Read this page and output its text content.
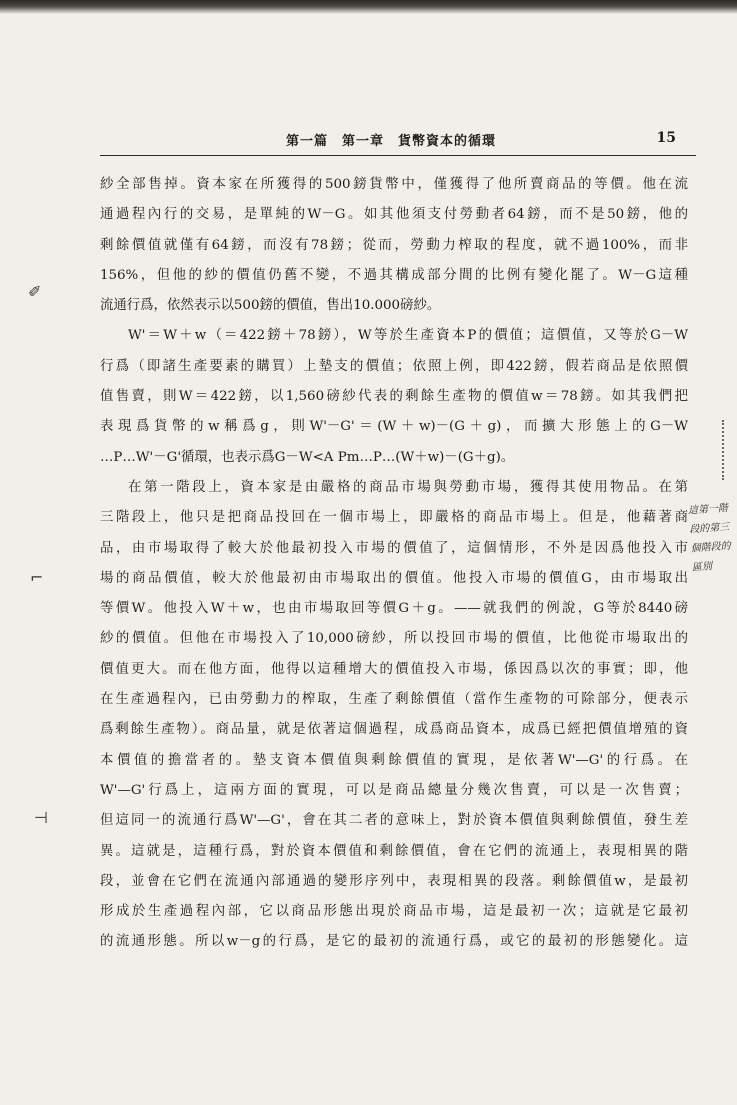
第一篇　第一章　貨幣資本的循環	15
紗全部售掉。資本家在所獲得的500鎊貨幣中，僅獲得了他所賣商品的等價。他在流
通過程內行的交易，是單純的W－G。如其他須支付勞動者64鎊，而不是50鎊，他的
剩餘價值就僅有64鎊，而沒有78鎊；從而，勞動力榨取的程度，就不過100%，而非
156%，但他的紗的價值仍舊不變，不過其構成部分間的比例有變化罷了。W－G這種
流通行爲，依然表示以500鎊的價值，售出10.000磅紗。
W'＝W＋w（＝422鎊＋78鎊），W等於生產資本P的價值；這價值，又等於G－W
行爲（即諸生產要素的購買）上墊支的價值；依照上例，即422鎊，假若商品是依照價
值售賣，則W＝422鎊，以1,560磅紗代表的剩餘生產物的價值w＝78鎊。如其我們把
表現爲貨幣的w稱爲g，則W'－G'＝(W＋w)－(G＋g)，而擴大形態上的G－W
…P…W'－G'循環，也表示爲G－W<A Pm…P…(W＋w)－(G＋g)。
在第一階段上，資本家是由嚴格的商品市場與勞動市場，獲得其使用物品。在第
三階段上，他只是把商品投回在一個市場上，即嚴格的商品市場上。但是，他藉著商
品，由市場取得了較大於他最初投入市場的價值了，這個情形，不外是因爲他投入市
場的商品價值，較大於他最初由市場取出的價值。他投入市場的價值G，由市場取出
等價W。他投入W＋w，也由市場取回等價G＋g。——就我們的例說，G等於8440磅
紗的價值。但他在市場投入了10,000磅紗，所以投回市場的價值，比他從市場取出的
價值更大。而在他方面，他得以這種增大的價值投入市場，係因爲以次的事實；即，他
在生產過程內，已由勞動力的榨取，生產了剩餘價值（當作生產物的可除部分，便表示
爲剩餘生產物）。商品量，就是依著這個過程，成爲商品資本，成爲已經把價值增殖的資
本價值的擔當者的。墊支資本價值與剩餘價值的實現，是依著W'—G'的行爲。在
W'—G'行爲上，這兩方面的實現，可以是商品總量分幾次售賣，可以是一次售賣；
但這同一的流通行爲W'—G'，會在其二者的意味上，對於資本價值與剩餘價值，發生差
異。這就是，這種行爲，對於資本價值和剩餘價值，會在它們的流通上，表現相異的階
段，並會在它們在流通內部通過的變形序列中，表現相異的段落。剩餘價值w，是最初
形成於生產過程內部，它以商品形態出現於商品市場，這是最初一次；這就是它最初
的流通形態。所以w－g的行爲，是它的最初的流通行爲，或它的最初的形態變化。這
這第一階段的第三個階段的區別
✐
⌐
⊣
